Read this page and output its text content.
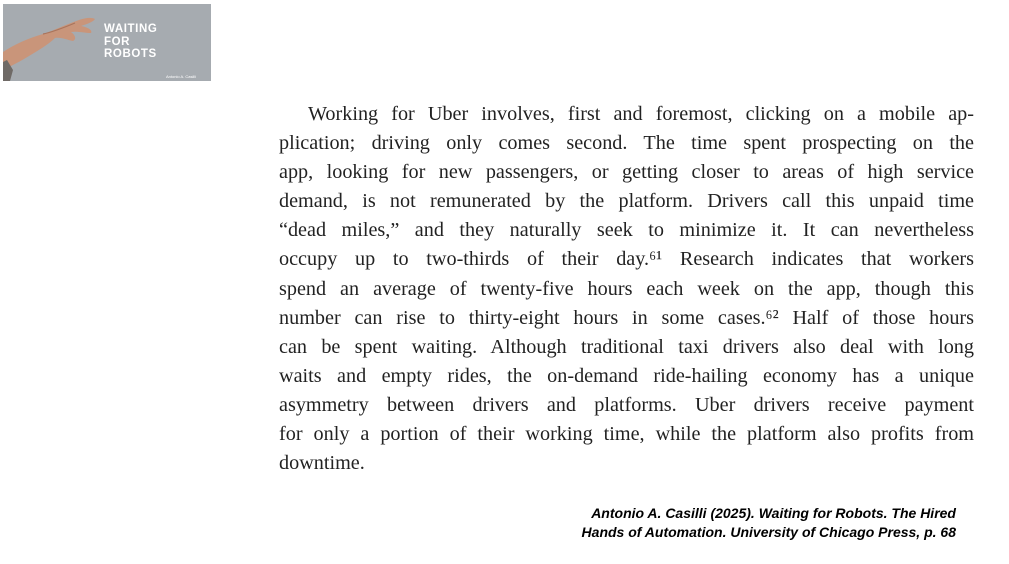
WAITING
FOR
ROBOTS
Antonio A. Casilli
Working for Uber involves, first and foremost, clicking on a mobile ap-
plication; driving only comes second. The time spent prospecting on the
app, looking for new passengers, or getting closer to areas of high service
demand, is not remunerated by the platform. Drivers call this unpaid time
“dead miles,” and they naturally seek to minimize it. It can nevertheless
occupy up to two-thirds of their day.⁶¹ Research indicates that workers
spend an average of twenty-five hours each week on the app, though this
number can rise to thirty-eight hours in some cases.⁶² Half of those hours
can be spent waiting. Although traditional taxi drivers also deal with long
waits and empty rides, the on-demand ride-hailing economy has a unique
asymmetry between drivers and platforms. Uber drivers receive payment
for only a portion of their working time, while the platform also profits from
downtime.
Antonio A. Casilli (2025). Waiting for Robots. The Hired
Hands of Automation. University of Chicago Press, p. 68
